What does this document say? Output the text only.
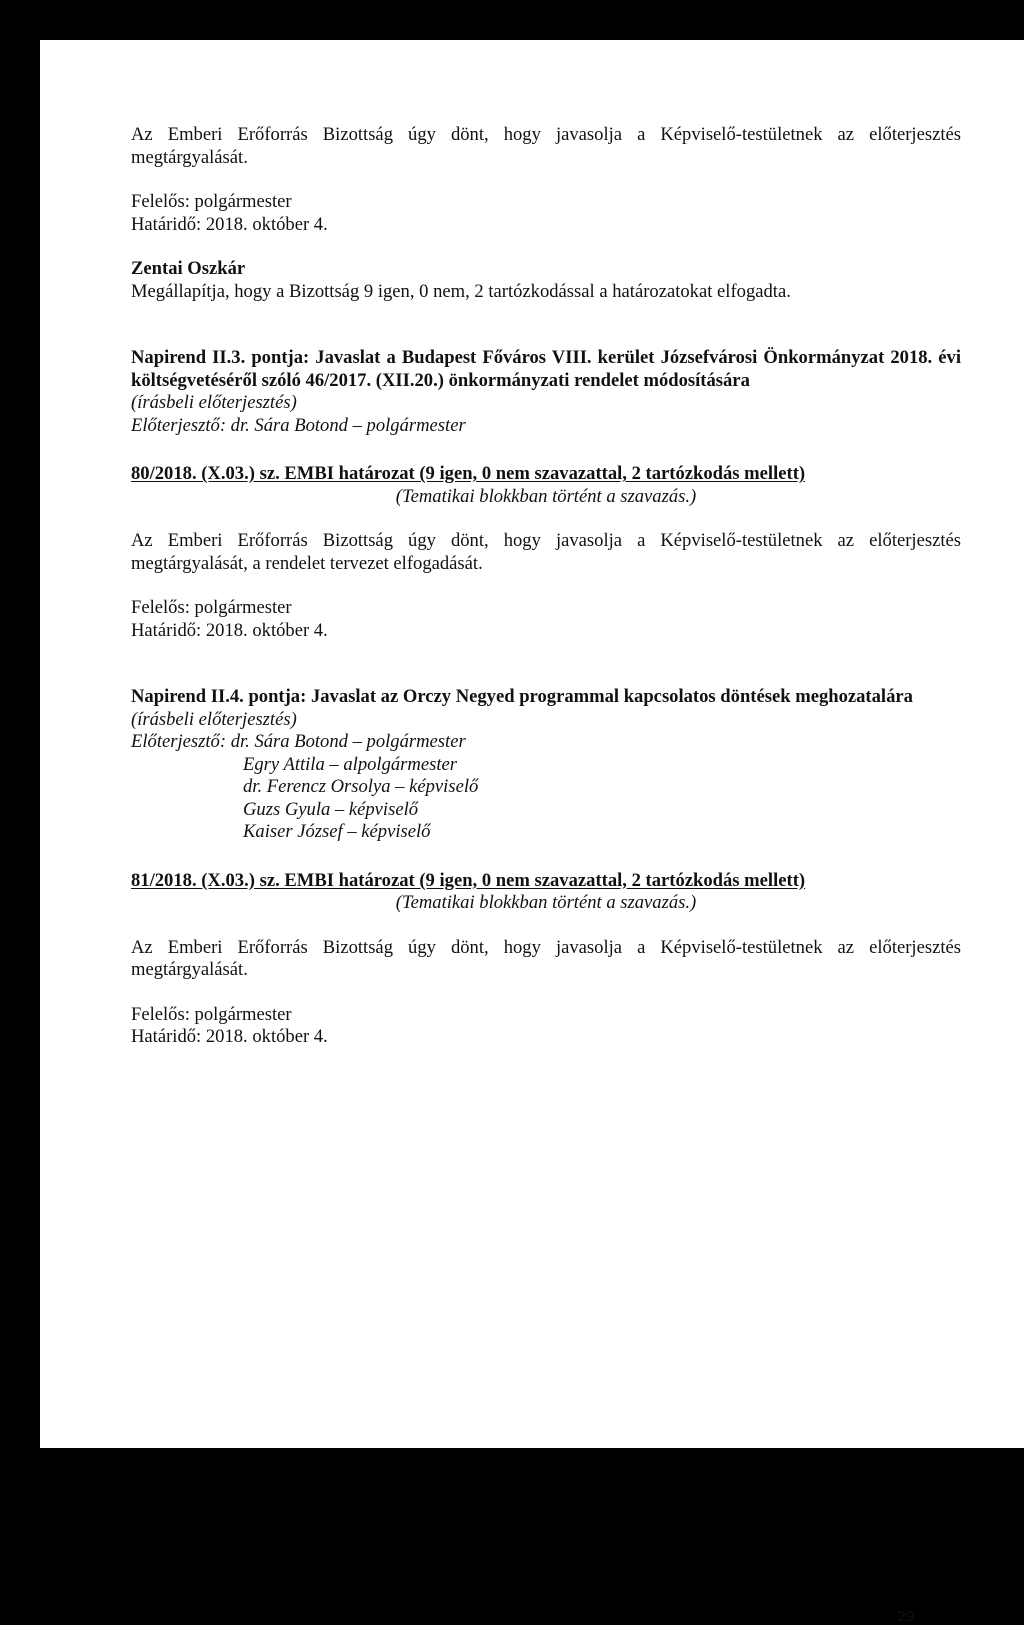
Az Emberi Erőforrás Bizottság úgy dönt, hogy javasolja a Képviselő-testületnek az előterjesztés megtárgyalását.

Felelős: polgármester

Határidő: 2018. október 4.

Zentai Oszkár

Megállapítja, hogy a Bizottság 9 igen, 0 nem, 2 tartózkodással a határozatokat elfogadta.

Napirend II.3. pontja: Javaslat a Budapest Főváros VIII. kerület Józsefvárosi Önkormányzat 2018. évi költségvetéséről szóló 46/2017. (XII.20.) önkormányzati rendelet módosítására

(írásbeli előterjesztés)

Előterjesztő: dr. Sára Botond – polgármester

80/2018. (X.03.) sz. EMBI határozat (9 igen, 0 nem szavazattal, 2 tartózkodás mellett)

(Tematikai blokkban történt a szavazás.)

Az Emberi Erőforrás Bizottság úgy dönt, hogy javasolja a Képviselő-testületnek az előterjesztés megtárgyalását, a rendelet tervezet elfogadását.

Felelős: polgármester

Határidő: 2018. október 4.

Napirend II.4. pontja: Javaslat az Orczy Negyed programmal kapcsolatos döntések meghozatalára

(írásbeli előterjesztés)

Előterjesztő:
dr. Sára Botond – polgármester

Egry Attila – alpolgármester

dr. Ferencz Orsolya – képviselő

Guzs Gyula – képviselő

Kaiser József – képviselő

81/2018. (X.03.) sz. EMBI határozat (9 igen, 0 nem szavazattal, 2 tartózkodás mellett)

(Tematikai blokkban történt a szavazás.)

Az Emberi Erőforrás Bizottság úgy dönt, hogy javasolja a Képviselő-testületnek az előterjesztés megtárgyalását.

Felelős: polgármester

Határidő: 2018. október 4.

29
